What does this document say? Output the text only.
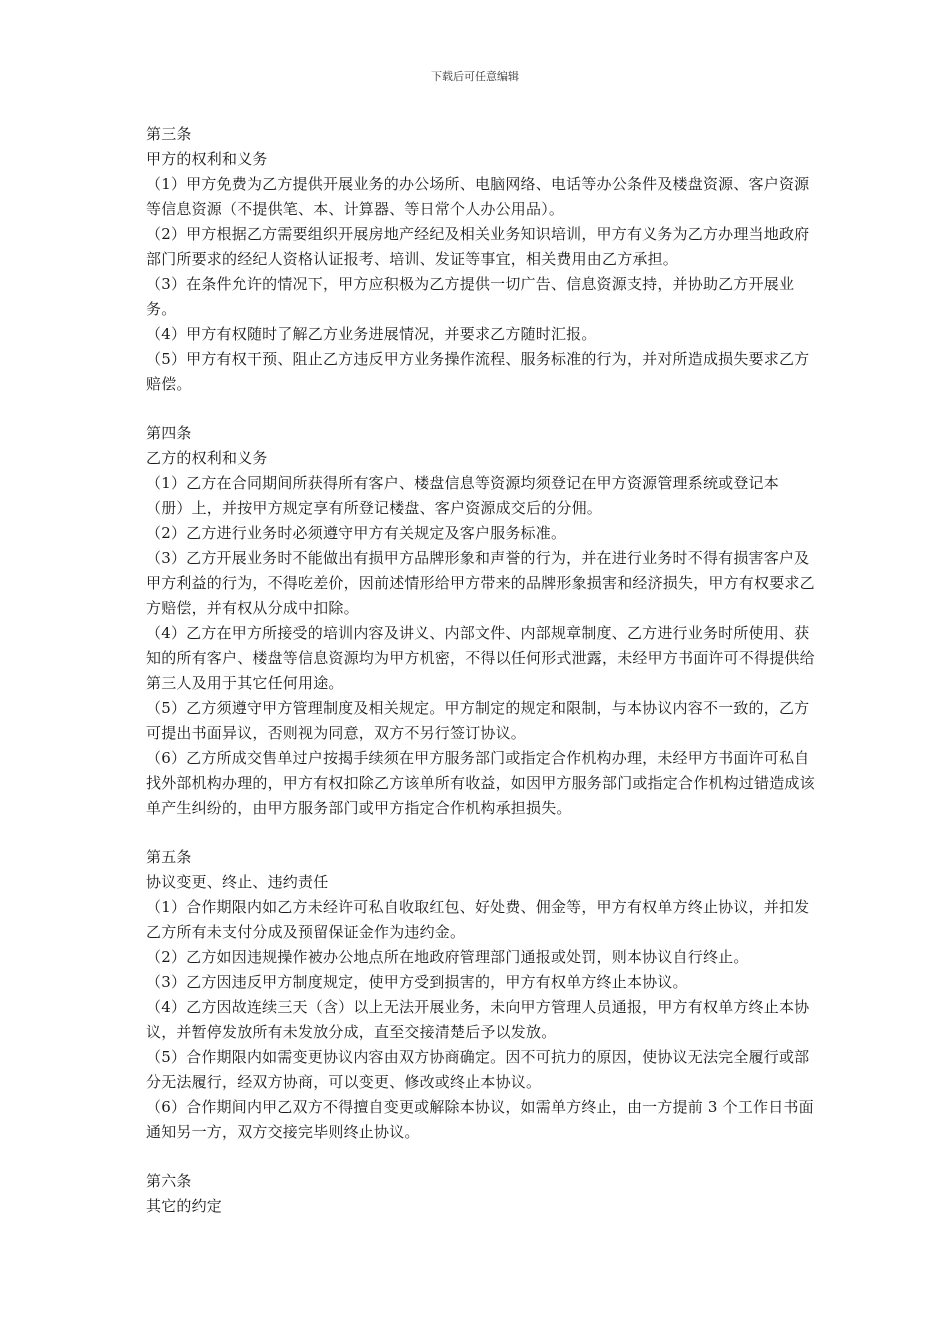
下载后可任意编辑

第三条

甲方的权利和义务

（1）甲方免费为乙方提供开展业务的办公场所、电脑网络、电话等办公条件及楼盘资源、客户资源等信息资源（不提供笔、本、计算器、等日常个人办公用品）。

（2）甲方根据乙方需要组织开展房地产经纪及相关业务知识培训，甲方有义务为乙方办理当地政府部门所要求的经纪人资格认证报考、培训、发证等事宜，相关费用由乙方承担。

（3）在条件允许的情况下，甲方应积极为乙方提供一切广告、信息资源支持，并协助乙方开展业务。

（4）甲方有权随时了解乙方业务进展情况，并要求乙方随时汇报。

（5）甲方有权干预、阻止乙方违反甲方业务操作流程、服务标准的行为，并对所造成损失要求乙方赔偿。

第四条

乙方的权利和义务

（1）乙方在合同期间所获得所有客户、楼盘信息等资源均须登记在甲方资源管理系统或登记本（册）上，并按甲方规定享有所登记楼盘、客户资源成交后的分佣。

（2）乙方进行业务时必须遵守甲方有关规定及客户服务标准。

（3）乙方开展业务时不能做出有损甲方品牌形象和声誉的行为，并在进行业务时不得有损害客户及甲方利益的行为，不得吃差价，因前述情形给甲方带来的品牌形象损害和经济损失，甲方有权要求乙方赔偿，并有权从分成中扣除。

（4）乙方在甲方所接受的培训内容及讲义、内部文件、内部规章制度、乙方进行业务时所使用、获知的所有客户、楼盘等信息资源均为甲方机密，不得以任何形式泄露，未经甲方书面许可不得提供给第三人及用于其它任何用途。

（5）乙方须遵守甲方管理制度及相关规定。甲方制定的规定和限制，与本协议内容不一致的，乙方可提出书面异议，否则视为同意，双方不另行签订协议。

（6）乙方所成交售单过户按揭手续须在甲方服务部门或指定合作机构办理，未经甲方书面许可私自找外部机构办理的，甲方有权扣除乙方该单所有收益，如因甲方服务部门或指定合作机构过错造成该单产生纠纷的，由甲方服务部门或甲方指定合作机构承担损失。

第五条

协议变更、终止、违约责任

（1）合作期限内如乙方未经许可私自收取红包、好处费、佣金等，甲方有权单方终止协议，并扣发乙方所有未支付分成及预留保证金作为违约金。

（2）乙方如因违规操作被办公地点所在地政府管理部门通报或处罚，则本协议自行终止。

（3）乙方因违反甲方制度规定，使甲方受到损害的，甲方有权单方终止本协议。

（4）乙方因故连续三天（含）以上无法开展业务，未向甲方管理人员通报，甲方有权单方终止本协议，并暂停发放所有未发放分成，直至交接清楚后予以发放。

（5）合作期限内如需变更协议内容由双方协商确定。因不可抗力的原因，使协议无法完全履行或部分无法履行，经双方协商，可以变更、修改或终止本协议。

（6）合作期间内甲乙双方不得擅自变更或解除本协议，如需单方终止，由一方提前 3 个工作日书面通知另一方，双方交接完毕则终止协议。

第六条

其它的约定
